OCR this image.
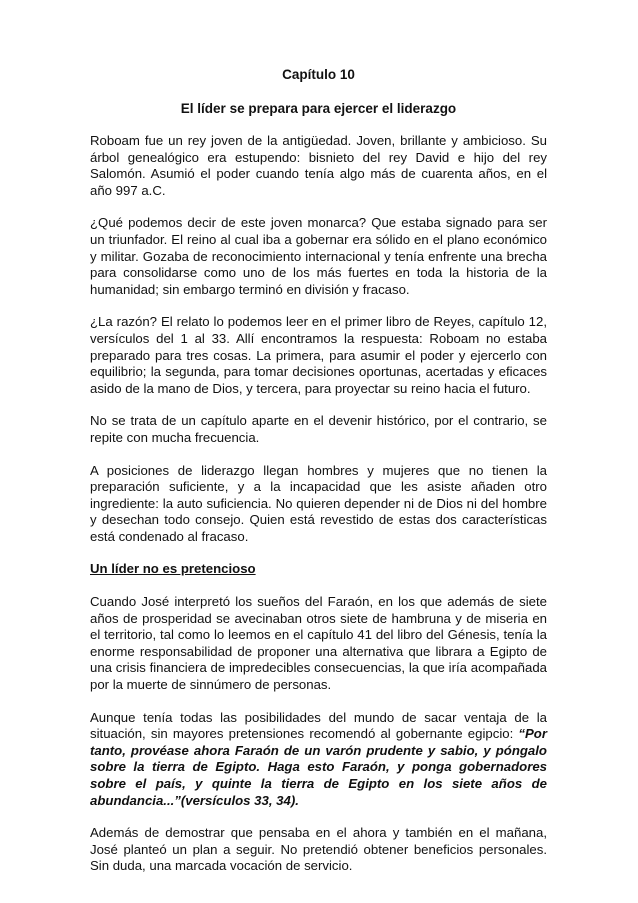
Capítulo 10
El líder se prepara para ejercer el liderazgo

Roboam fue un rey joven de la antigüedad. Joven, brillante y ambicioso. Su árbol genealógico era estupendo: bisnieto del rey David e hijo del rey Salomón. Asumió el poder cuando tenía algo más de cuarenta años, en el año 997 a.C.

¿Qué podemos decir de este joven monarca? Que estaba signado para ser un triunfador. El reino al cual iba a gobernar era sólido en el plano económico y militar. Gozaba de reconocimiento internacional y tenía enfrente una brecha para consolidarse como uno de los más fuertes en toda la historia de la humanidad; sin embargo terminó en división y fracaso.

¿La razón? El relato lo podemos leer en el primer libro de Reyes, capítulo 12, versículos del 1 al 33. Allí encontramos la respuesta: Roboam no estaba preparado para tres cosas. La primera, para asumir el poder y ejercerlo con equilibrio; la segunda, para tomar decisiones oportunas, acertadas y eficaces asido de la mano de Dios, y tercera, para proyectar su reino hacia el futuro.

No se trata de un capítulo aparte en el devenir histórico, por el contrario, se repite con mucha frecuencia.

A posiciones de liderazgo llegan hombres y mujeres que no tienen la preparación suficiente, y a la incapacidad que les asiste añaden otro ingrediente: la auto suficiencia. No quieren depender ni de Dios ni del hombre y desechan todo consejo. Quien está revestido de estas dos características está condenado al fracaso.

Un líder no es pretencioso

Cuando José interpretó los sueños del Faraón, en los que además de siete años de prosperidad se avecinaban otros siete de hambruna y de miseria en el territorio, tal como lo leemos en el capítulo 41 del libro del Génesis, tenía la enorme responsabilidad de proponer una alternativa que librara a Egipto de una crisis financiera de impredecibles consecuencias, la que iría acompañada por la muerte de sinnúmero de personas.

Aunque tenía todas las posibilidades del mundo de sacar ventaja de la situación, sin mayores pretensiones recomendó al gobernante egipcio: “Por tanto, provéase ahora Faraón de un varón prudente y sabio, y póngalo sobre la tierra de Egipto. Haga esto Faraón, y ponga gobernadores sobre el país, y quinte la tierra de Egipto en los siete años de abundancia...”(versículos 33, 34).

Además de demostrar que pensaba en el ahora y también en el mañana, José planteó un plan a seguir. No pretendió obtener beneficios personales. Sin duda, una marcada vocación de servicio.
